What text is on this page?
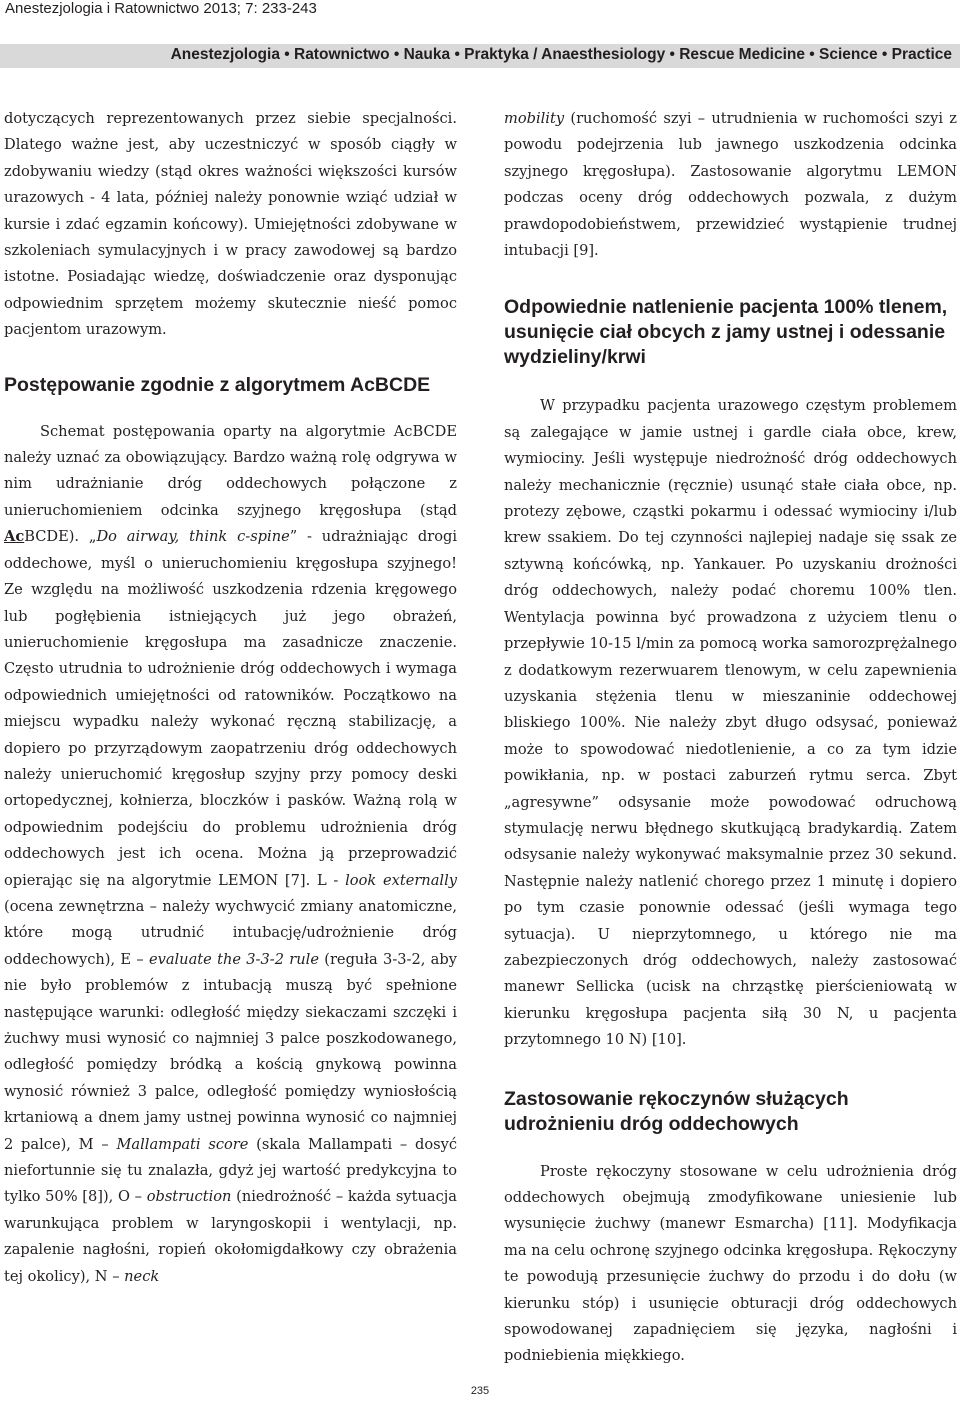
Anestezjologia i Ratownictwo 2013; 7: 233-243
Anestezjologia • Ratownictwo • Nauka • Praktyka / Anaesthesiology • Rescue Medicine • Science • Practice

dotyczących reprezentowanych przez siebie specjalności. Dlatego ważne jest, aby uczestniczyć w sposób ciągły w zdobywaniu wiedzy (stąd okres ważności większości kursów urazowych - 4 lata, później należy ponownie wziąć udział w kursie i zdać egzamin końcowy). Umiejętności zdobywane w szkoleniach symulacyjnych i w pracy zawodowej są bardzo istotne. Posiadając wiedzę, doświadczenie oraz dysponując odpowiednim sprzętem możemy skutecznie nieść pomoc pacjentom urazowym.

Postępowanie zgodnie z algorytmem AcBCDE

Schemat postępowania oparty na algorytmie AcBCDE należy uznać za obowiązujący. Bardzo ważną rolę odgrywa w nim udrażnianie dróg oddechowych połączone z unieruchomieniem odcinka szyjnego kręgosłupa (stąd AcBCDE). „Do airway, think c-spine” - udrażniając drogi oddechowe, myśl o unieruchomieniu kręgosłupa szyjnego! Ze względu na możliwość uszkodzenia rdzenia kręgowego lub pogłębienia istniejących już jego obrażeń, unieruchomienie kręgosłupa ma zasadnicze znaczenie. Często utrudnia to udrożnienie dróg oddechowych i wymaga odpowiednich umiejętności od ratowników. Początkowo na miejscu wypadku należy wykonać ręczną stabilizację, a dopiero po przyrządowym zaopatrzeniu dróg oddechowych należy unieruchomić kręgosłup szyjny przy pomocy deski ortopedycznej, kołnierza, bloczków i pasków. Ważną rolą w odpowiednim podejściu do problemu udrożnienia dróg oddechowych jest ich ocena. Można ją przeprowadzić opierając się na algorytmie LEMON [7]. L - look externally (ocena zewnętrzna – należy wychwycić zmiany anatomiczne, które mogą utrudnić intubację/udrożnienie dróg oddechowych), E – evaluate the 3-3-2 rule (reguła 3-3-2, aby nie było problemów z intubacją muszą być spełnione następujące warunki: odległość między siekaczami szczęki i żuchwy musi wynosić co najmniej 3 palce poszkodowanego, odległość pomiędzy bródką a kością gnykową powinna wynosić również 3 palce, odległość pomiędzy wyniosłością krtaniową a dnem jamy ustnej powinna wynosić co najmniej 2 palce), M – Mallampati score (skala Mallampati – dosyć niefortunnie się tu znalazła, gdyż jej wartość predykcyjna to tylko 50% [8]), O – obstruction (niedrożność – każda sytuacja warunkująca problem w laryngoskopii i wentylacji, np. zapalenie nagłośni, ropień okołomigdałkowy czy obrażenia tej okolicy), N – neck

mobility (ruchomość szyi – utrudnienia w ruchomości szyi z powodu podejrzenia lub jawnego uszkodzenia odcinka szyjnego kręgosłupa). Zastosowanie algorytmu LEMON podczas oceny dróg oddechowych pozwala, z dużym prawdopodobieństwem, przewidzieć wystąpienie trudnej intubacji [9].

Odpowiednie natlenienie pacjenta 100% tlenem, usunięcie ciał obcych z jamy ustnej i odessanie wydzieliny/krwi

W przypadku pacjenta urazowego częstym problemem są zalegające w jamie ustnej i gardle ciała obce, krew, wymiociny. Jeśli występuje niedrożność dróg oddechowych należy mechanicznie (ręcznie) usunąć stałe ciała obce, np. protezy zębowe, cząstki pokarmu i odessać wymiociny i/lub krew ssakiem. Do tej czynności najlepiej nadaje się ssak ze sztywną końcówką, np. Yankauer. Po uzyskaniu drożności dróg oddechowych, należy podać choremu 100% tlen. Wentylacja powinna być prowadzona z użyciem tlenu o przepływie 10-15 l/min za pomocą worka samorozprężalnego z dodatkowym rezerwuarem tlenowym, w celu zapewnienia uzyskania stężenia tlenu w mieszaninie oddechowej bliskiego 100%. Nie należy zbyt długo odsysać, ponieważ może to spowodować niedotlenienie, a co za tym idzie powikłania, np. w postaci zaburzeń rytmu serca. Zbyt „agresywne” odsysanie może powodować odruchową stymulację nerwu błędnego skutkującą bradykardią. Zatem odsysanie należy wykonywać maksymalnie przez 30 sekund. Następnie należy natlenić chorego przez 1 minutę i dopiero po tym czasie ponownie odessać (jeśli wymaga tego sytuacja). U nieprzytomnego, u którego nie ma zabezpieczonych dróg oddechowych, należy zastosować manewr Sellicka (ucisk na chrząstkę pierścieniowatą w kierunku kręgosłupa pacjenta siłą 30 N, u pacjenta przytomnego 10 N) [10].

Zastosowanie rękoczynów służących udrożnieniu dróg oddechowych

Proste rękoczyny stosowane w celu udrożnienia dróg oddechowych obejmują zmodyfikowane uniesienie lub wysunięcie żuchwy (manewr Esmarcha) [11]. Modyfikacja ma na celu ochronę szyjnego odcinka kręgosłupa. Rękoczyny te powodują przesunięcie żuchwy do przodu i do dołu (w kierunku stóp) i usunięcie obturacji dróg oddechowych spowodowanej zapadnięciem się języka, nagłośni i podniebienia miękkiego.

235
